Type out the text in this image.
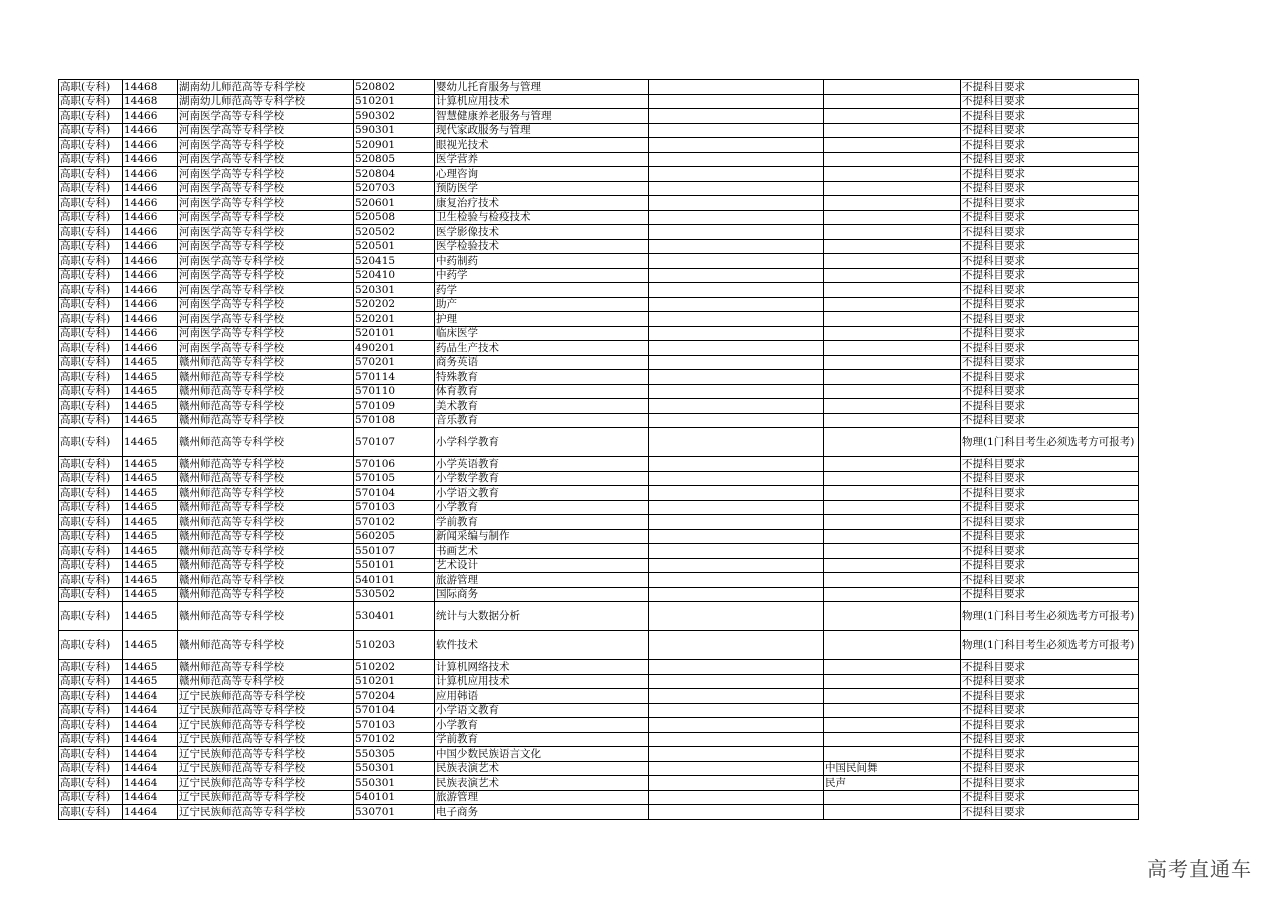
高职(专科)	14468	湖南幼儿师范高等专科学校	520802	婴幼儿托育服务与管理			不提科目要求
高职(专科)	14468	湖南幼儿师范高等专科学校	510201	计算机应用技术			不提科目要求
高职(专科)	14466	河南医学高等专科学校	590302	智慧健康养老服务与管理			不提科目要求
高职(专科)	14466	河南医学高等专科学校	590301	现代家政服务与管理			不提科目要求
高职(专科)	14466	河南医学高等专科学校	520901	眼视光技术			不提科目要求
高职(专科)	14466	河南医学高等专科学校	520805	医学营养			不提科目要求
高职(专科)	14466	河南医学高等专科学校	520804	心理咨询			不提科目要求
高职(专科)	14466	河南医学高等专科学校	520703	预防医学			不提科目要求
高职(专科)	14466	河南医学高等专科学校	520601	康复治疗技术			不提科目要求
高职(专科)	14466	河南医学高等专科学校	520508	卫生检验与检疫技术			不提科目要求
高职(专科)	14466	河南医学高等专科学校	520502	医学影像技术			不提科目要求
高职(专科)	14466	河南医学高等专科学校	520501	医学检验技术			不提科目要求
高职(专科)	14466	河南医学高等专科学校	520415	中药制药			不提科目要求
高职(专科)	14466	河南医学高等专科学校	520410	中药学			不提科目要求
高职(专科)	14466	河南医学高等专科学校	520301	药学			不提科目要求
高职(专科)	14466	河南医学高等专科学校	520202	助产			不提科目要求
高职(专科)	14466	河南医学高等专科学校	520201	护理			不提科目要求
高职(专科)	14466	河南医学高等专科学校	520101	临床医学			不提科目要求
高职(专科)	14466	河南医学高等专科学校	490201	药品生产技术			不提科目要求
高职(专科)	14465	赣州师范高等专科学校	570201	商务英语			不提科目要求
高职(专科)	14465	赣州师范高等专科学校	570114	特殊教育			不提科目要求
高职(专科)	14465	赣州师范高等专科学校	570110	体育教育			不提科目要求
高职(专科)	14465	赣州师范高等专科学校	570109	美术教育			不提科目要求
高职(专科)	14465	赣州师范高等专科学校	570108	音乐教育			不提科目要求
高职(专科)	14465	赣州师范高等专科学校	570107	小学科学教育			物理(1门科目考生必须选考方可报考)
高职(专科)	14465	赣州师范高等专科学校	570106	小学英语教育			不提科目要求
高职(专科)	14465	赣州师范高等专科学校	570105	小学数学教育			不提科目要求
高职(专科)	14465	赣州师范高等专科学校	570104	小学语文教育			不提科目要求
高职(专科)	14465	赣州师范高等专科学校	570103	小学教育			不提科目要求
高职(专科)	14465	赣州师范高等专科学校	570102	学前教育			不提科目要求
高职(专科)	14465	赣州师范高等专科学校	560205	新闻采编与制作			不提科目要求
高职(专科)	14465	赣州师范高等专科学校	550107	书画艺术			不提科目要求
高职(专科)	14465	赣州师范高等专科学校	550101	艺术设计			不提科目要求
高职(专科)	14465	赣州师范高等专科学校	540101	旅游管理			不提科目要求
高职(专科)	14465	赣州师范高等专科学校	530502	国际商务			不提科目要求
高职(专科)	14465	赣州师范高等专科学校	530401	统计与大数据分析			物理(1门科目考生必须选考方可报考)
高职(专科)	14465	赣州师范高等专科学校	510203	软件技术			物理(1门科目考生必须选考方可报考)
高职(专科)	14465	赣州师范高等专科学校	510202	计算机网络技术			不提科目要求
高职(专科)	14465	赣州师范高等专科学校	510201	计算机应用技术			不提科目要求
高职(专科)	14464	辽宁民族师范高等专科学校	570204	应用韩语			不提科目要求
高职(专科)	14464	辽宁民族师范高等专科学校	570104	小学语文教育			不提科目要求
高职(专科)	14464	辽宁民族师范高等专科学校	570103	小学教育			不提科目要求
高职(专科)	14464	辽宁民族师范高等专科学校	570102	学前教育			不提科目要求
高职(专科)	14464	辽宁民族师范高等专科学校	550305	中国少数民族语言文化			不提科目要求
高职(专科)	14464	辽宁民族师范高等专科学校	550301	民族表演艺术		中国民间舞	不提科目要求
高职(专科)	14464	辽宁民族师范高等专科学校	550301	民族表演艺术		民声	不提科目要求
高职(专科)	14464	辽宁民族师范高等专科学校	540101	旅游管理			不提科目要求
高职(专科)	14464	辽宁民族师范高等专科学校	530701	电子商务			不提科目要求
高考直通车
